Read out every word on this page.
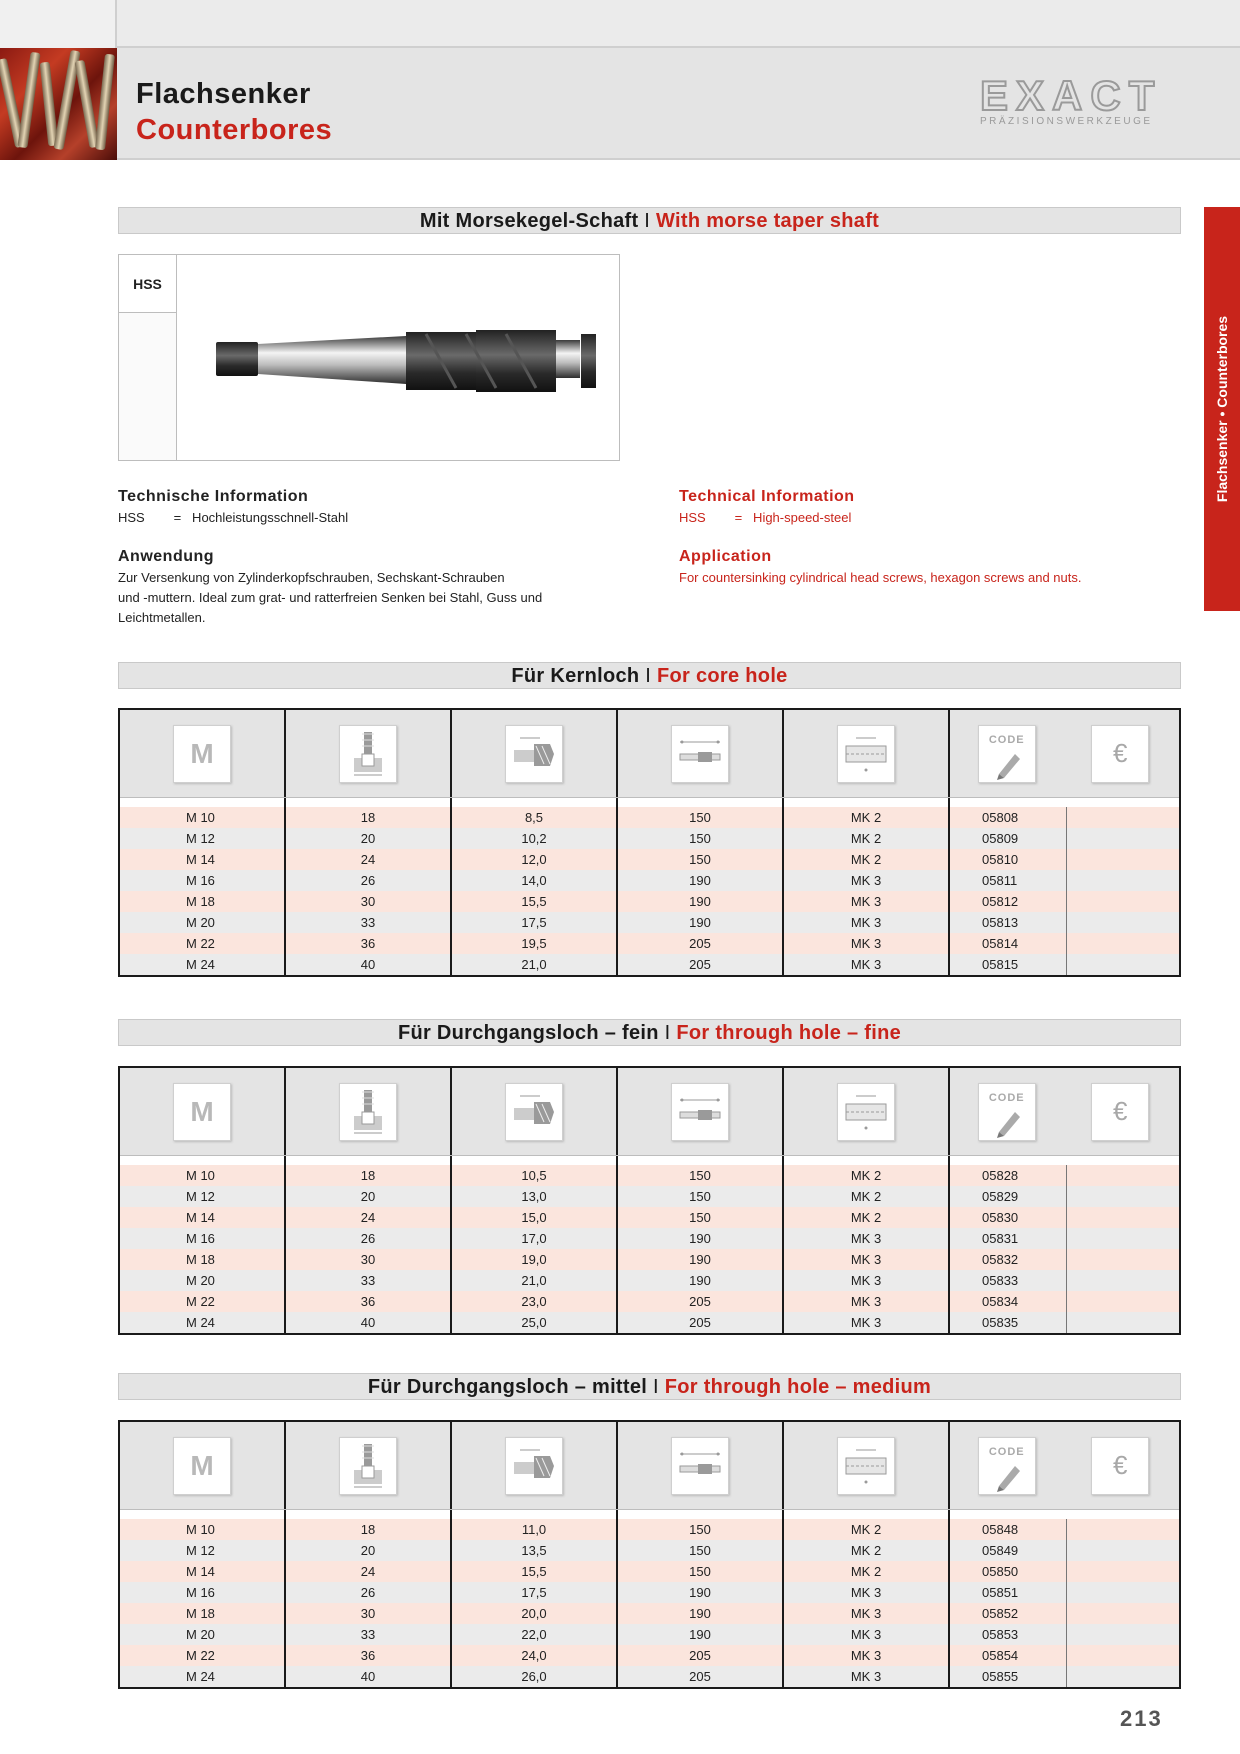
Flachsenker
Counterbores
EXACT
PRÄZISIONSWERKZEUGE
Flachsenker • Counterbores
Mit Morsekegel-Schaft I With morse taper shaft
HSS
Technische Information
HSS        =   Hochleistungsschnell-Stahl
Technical Information
HSS        =   High-speed-steel
Anwendung
Zur Versenkung von Zylinderkopfschrauben, Sechskant-Schrauben
und -muttern. Ideal zum grat- und ratterfreien Senken bei Stahl, Guss und
Leichtmetallen.
Application
For countersinking cylindrical head screws, hexagon screws and nuts.
Für Kernloch I For core hole
M	CODE	€
M 10	18	8,5	150	MK 2	05808
M 12	20	10,2	150	MK 2	05809
M 14	24	12,0	150	MK 2	05810
M 16	26	14,0	190	MK 3	05811
M 18	30	15,5	190	MK 3	05812
M 20	33	17,5	190	MK 3	05813
M 22	36	19,5	205	MK 3	05814
M 24	40	21,0	205	MK 3	05815
Für Durchgangsloch – fein I For through hole – fine
M	CODE	€
M 10	18	10,5	150	MK 2	05828
M 12	20	13,0	150	MK 2	05829
M 14	24	15,0	150	MK 2	05830
M 16	26	17,0	190	MK 3	05831
M 18	30	19,0	190	MK 3	05832
M 20	33	21,0	190	MK 3	05833
M 22	36	23,0	205	MK 3	05834
M 24	40	25,0	205	MK 3	05835
Für Durchgangsloch – mittel I For through hole – medium
M	CODE	€
M 10	18	11,0	150	MK 2	05848
M 12	20	13,5	150	MK 2	05849
M 14	24	15,5	150	MK 2	05850
M 16	26	17,5	190	MK 3	05851
M 18	30	20,0	190	MK 3	05852
M 20	33	22,0	190	MK 3	05853
M 22	36	24,0	205	MK 3	05854
M 24	40	26,0	205	MK 3	05855
213
